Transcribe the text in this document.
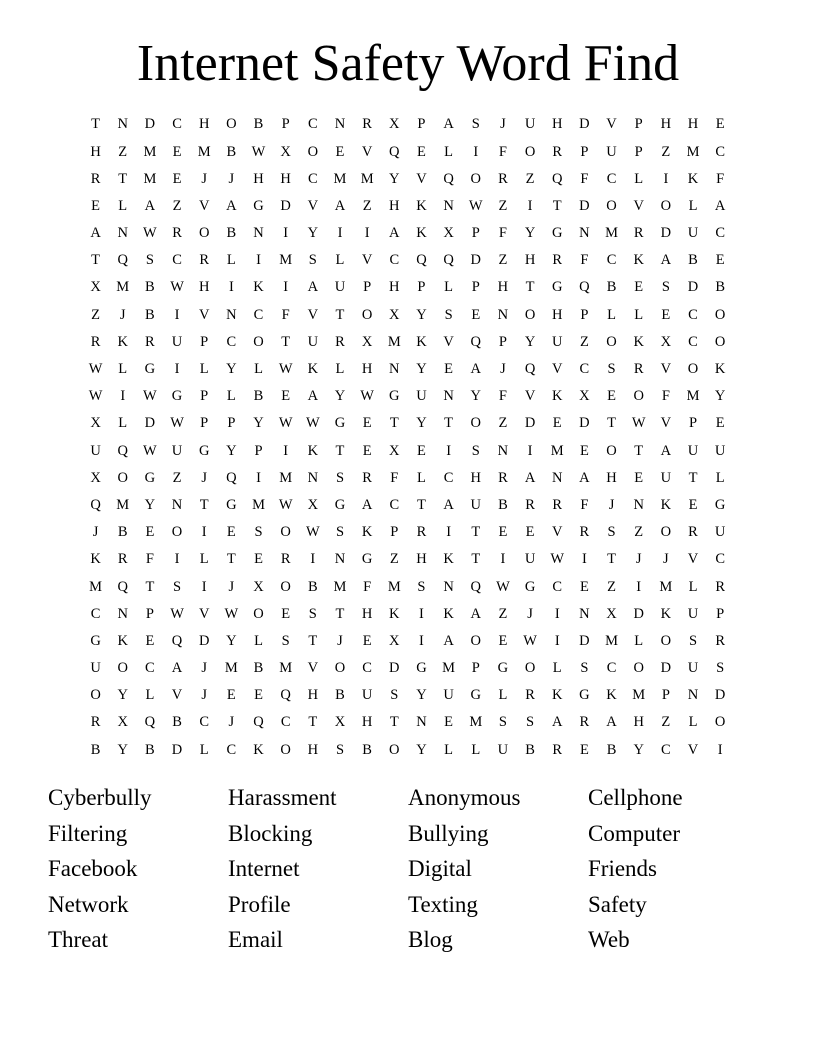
Internet Safety Word Find
T	N	D	C	H	O	B	P	C	N	R	X	P	A	S	J	U	H	D	V	P	H	H	E
H	Z	M	E	M	B	W	X	O	E	V	Q	E	L	I	F	O	R	P	U	P	Z	M	C
R	T	M	E	J	J	H	H	C	M M	Y	V	Q	O	R	Z	Q	F	C	L	I	K	F
E	L	A	Z	V	A	G	D	V	A	Z	H	K	N	W	Z	I	T	D	O	V	O	L	A
A	N	W	R	O	B	N	I	Y	I	I	A	K	X	P	F	Y	G	N	M	R	D	U	C
T	Q	S	C	R	L	I	M	S	L	V	C	Q	Q	D	Z	H	R	F	C	K	A	B	E
X	M	B	W	H	I	K	I	A	U	P	H	P	L	P	H	T	G	Q	B	E	S	D	B
Z	J	B	I	V	N	C	F	V	T	O	X	Y	S	E	N	O	H	P	L	L	E	C	O
R	K	R	U	P	C	O	T	U	R	X	M	K	V	Q	P	Y	U	Z	O	K	X	C	O
W	L	G	I	L	Y	L	W	K	L	H	N	Y	E	A	J	Q	V	C	S	R	V	O	K
W	I	W	G	P	L	B	E	A	Y	W	G	U	N	Y	F	V	K	X	E	O	F	M	Y
X	L	D	W	P	P	Y	W W	G	E	T	Y	T	O	Z	D	E	D	T	W	V	P	E
U	Q	W	U	G	Y	P	I	K	T	E	X	E	I	S	N	I	M	E	O	T	A	U	U
X	O	G	Z	J	Q	I	M	N	S	R	F	L	C	H	R	A	N	A	H	E	U	T	L
Q	M	Y	N	T	G	M W	X	G	A	C	T	A	U	B	R	R	F	J	N	K	E	G
J	B	E	O	I	E	S	O	W	S	K	P	R	I	T	E	E	V	R	S	Z	O	R	U
K	R	F	I	L	T	E	R	I	N	G	Z	H	K	T	I	U	W	I	T	J	J	V	C
M	Q	T	S	I	J	X	O	B	M	F	M	S	N	Q	W	G	C	E	Z	I	M	L	R
C	N	P	W	V	W	O	E	S	T	H	K	I	K	A	Z	J	I	N	X	D	K	U	P
G	K	E	Q	D	Y	L	S	T	J	E	X	I	A	O	E	W	I	D	M	L	O	S	R
U	O	C	A	J	M	B	M	V	O	C	D	G	M	P	G	O	L	S	C	O	D	U	S
O	Y	L	V	J	E	E	Q	H	B	U	S	Y	U	G	L	R	K	G	K	M	P	N	D
R	X	Q	B	C	J	Q	C	T	X	H	T	N	E	M	S	S	A	R	A	H	Z	L	O
B	Y	B	D	L	C	K	O	H	S	B	O	Y	L	L	U	B	R	E	B	Y	C	V	I
Cyberbully	Harassment	Anonymous	Cellphone
Filtering	Blocking	Bullying	Computer
Facebook	Internet	Digital	Friends
Network	Profile	Texting	Safety
Threat	Email	Blog	Web
